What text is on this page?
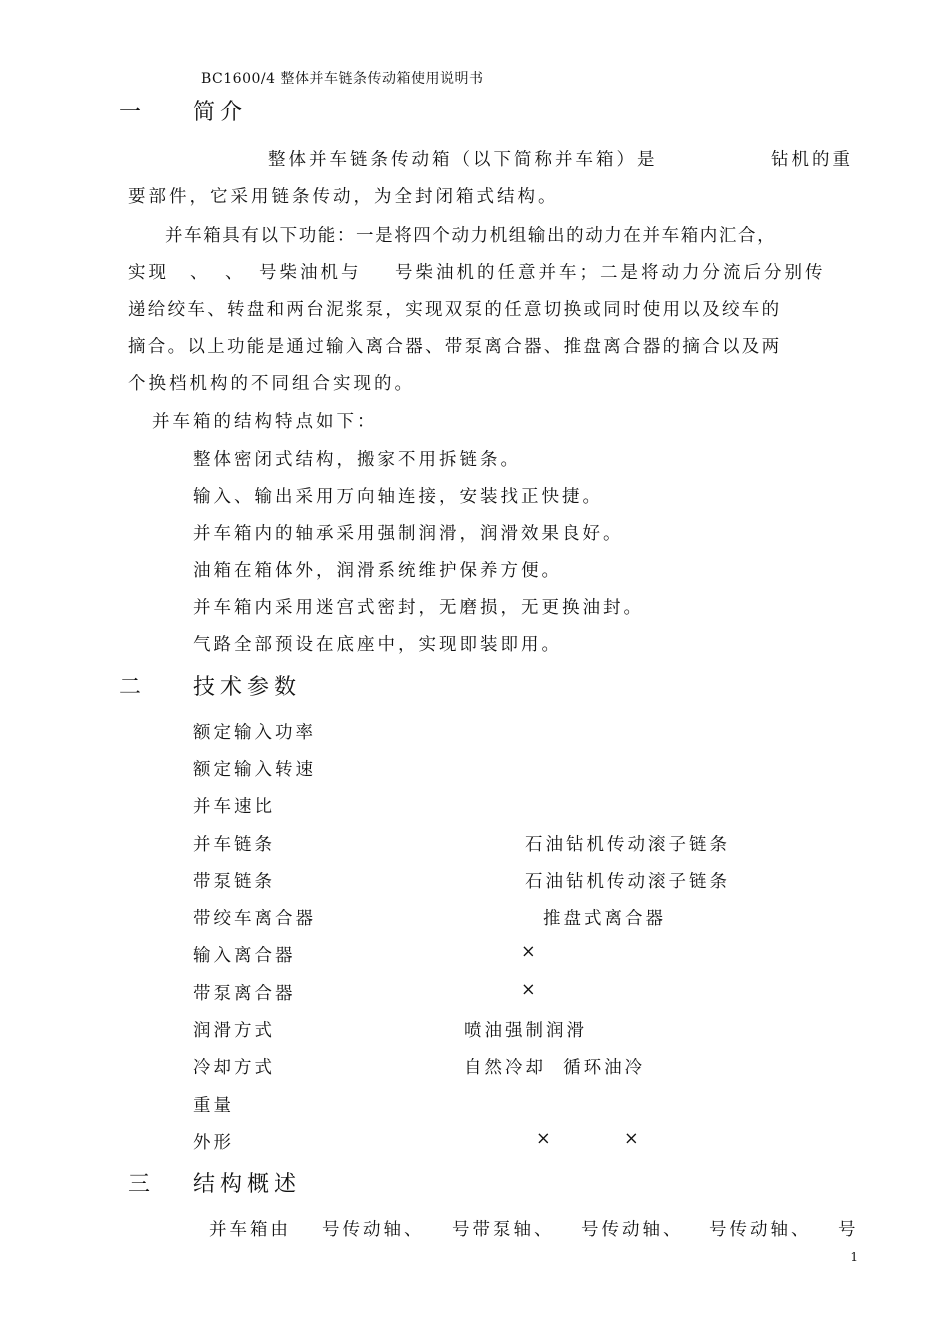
BC1600/4 整体并车链条传动箱使用说明书
一 简介
整体并车链条传动箱（以下简称并车箱）是	钻机的重
要部件，它采用链条传动，为全封闭箱式结构。
并车箱具有以下功能：一是将四个动力机组输出的动力在并车箱内汇合，
实现 、 、 号柴油机与 号柴油机的任意并车；二是将动力分流后分别传
递给绞车、转盘和两台泥浆泵，实现双泵的任意切换或同时使用以及绞车的
摘合。以上功能是通过输入离合器、带泵离合器、推盘离合器的摘合以及两
个换档机构的不同组合实现的。
并车箱的结构特点如下：
整体密闭式结构，搬家不用拆链条。
输入、输出采用万向轴连接，安装找正快捷。
并车箱内的轴承采用强制润滑，润滑效果良好。
油箱在箱体外，润滑系统维护保养方便。
并车箱内采用迷宫式密封，无磨损，无更换油封。
气路全部预设在底座中，实现即装即用。
二 技术参数
额定输入功率
额定输入转速
并车速比
并车链条	石油钻机传动滚子链条
带泵链条	石油钻机传动滚子链条
带绞车离合器	推盘式离合器
输入离合器	×
带泵离合器	×
润滑方式	喷油强制润滑
冷却方式	自然冷却  循环油冷
重量
外形	×	×
三 结构概述
并车箱由 号传动轴、 号带泵轴、 号传动轴、 号传动轴、 号
1
